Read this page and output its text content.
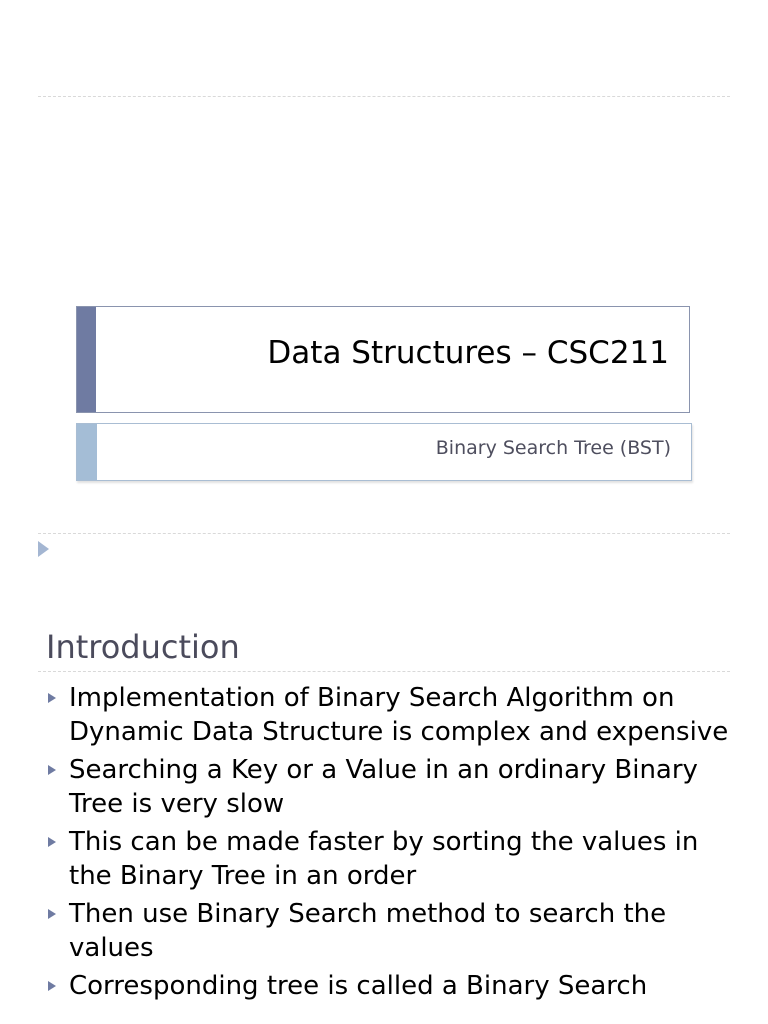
Data Structures – CSC211
Binary Search Tree (BST)
Introduction
Implementation of Binary Search Algorithm on Dynamic Data Structure is complex and expensive
Searching a Key or a Value in an ordinary Binary Tree is very slow
This can be made faster by sorting the values in the Binary Tree in an order
Then use Binary Search method to search the values
Corresponding tree is called a Binary Search
